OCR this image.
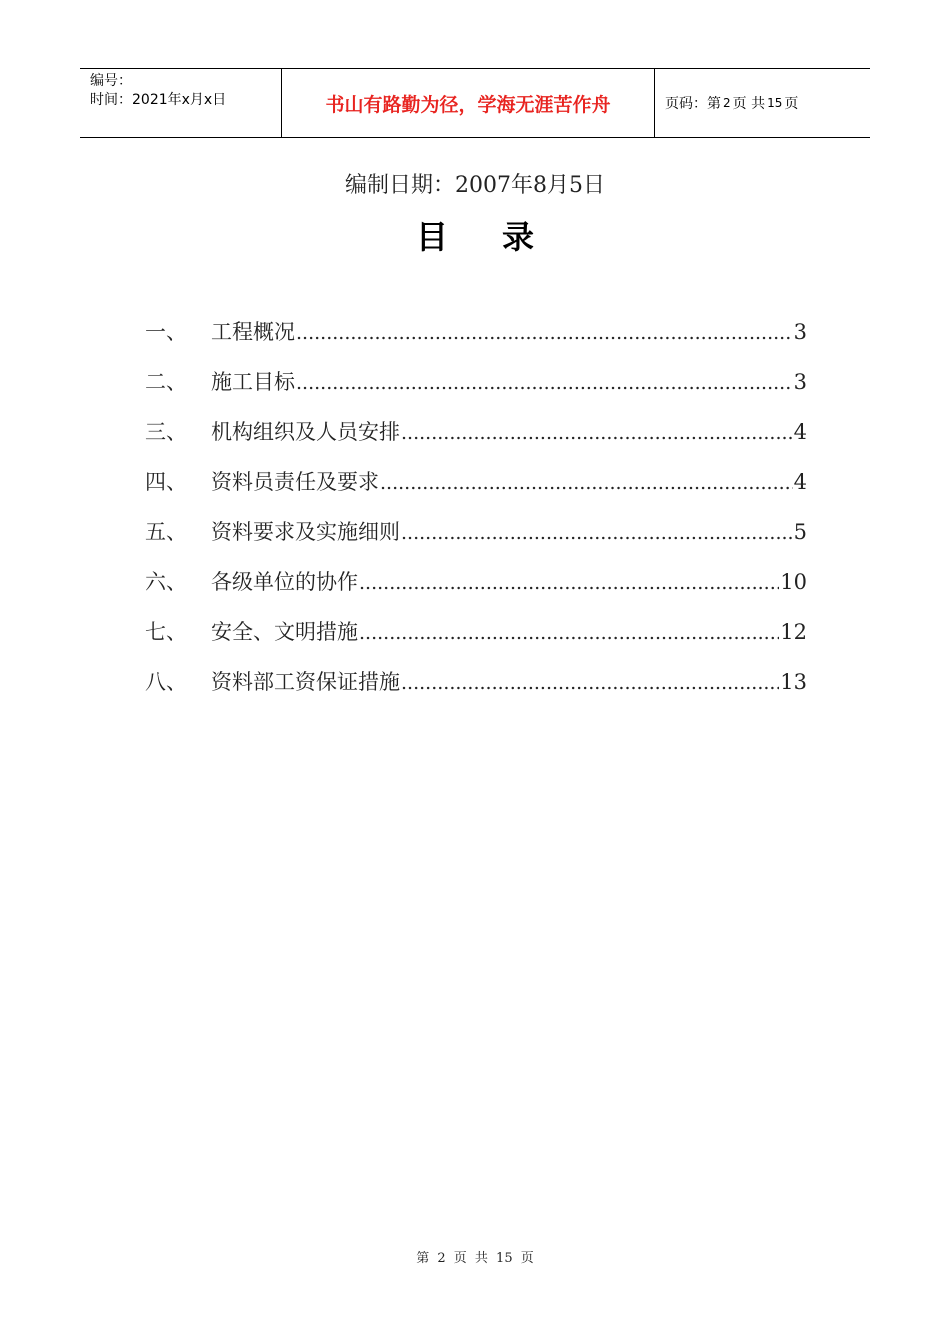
编号：
时间：2021年x月x日	书山有路勤为径，学海无涯苦作舟	页码：第 2 页 共 15 页
编制日期：2007年8月5日
目录
一、	工程概况 .....	3
二、	施工目标 .....	3
三、	机构组织及人员安排 .....	4
四、	资料员责任及要求 .....	4
五、	资料要求及实施细则 .....	5
六、	各级单位的协作 .....	10
七、	安全、文明措施 .....	12
八、	资料部工资保证措施 .....	13
第 2 页 共 15 页
